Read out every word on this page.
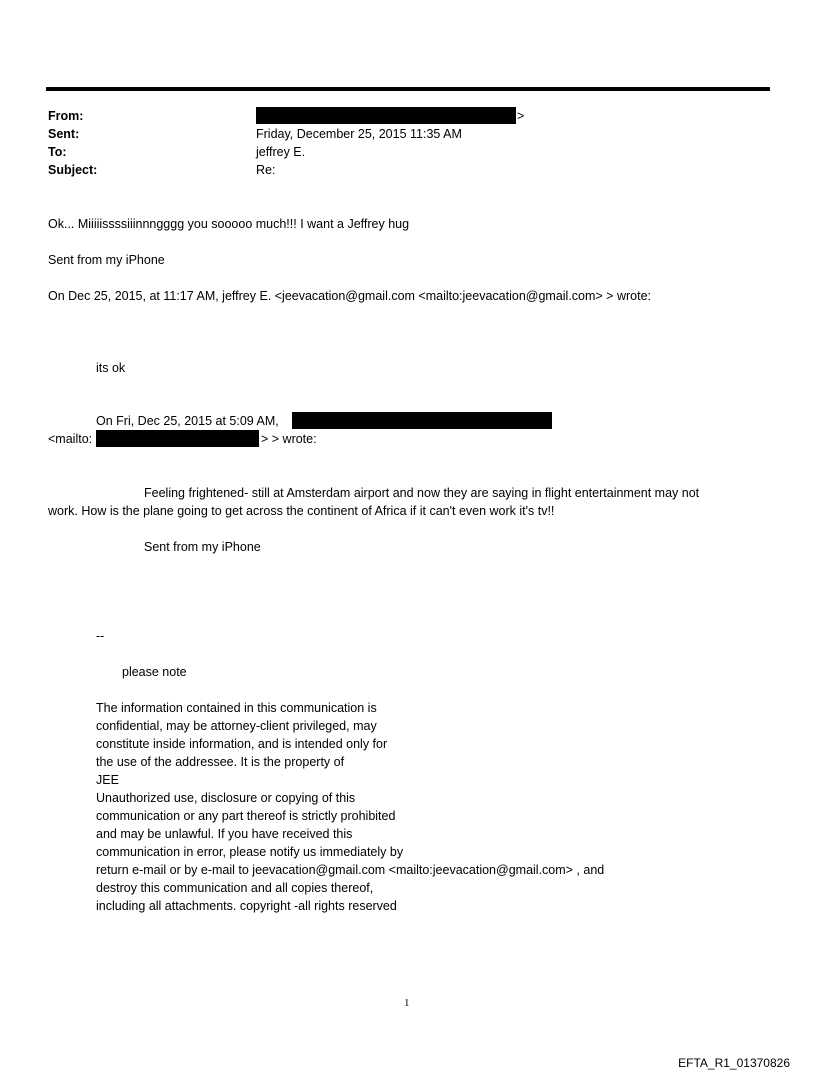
From:	>
Sent:	Friday, December 25, 2015 11:35 AM
To:	jeffrey E.
Subject:	Re:
Ok... Miiiiissssiiinnngggg you sooooo much!!! I want a Jeffrey hug
Sent from my iPhone
On Dec 25, 2015, at 11:17 AM, jeffrey E. <jeevacation@gmail.com <mailto:jeevacation@gmail.com> > wrote:
its ok
On Fri, Dec 25, 2015 at 5:09 AM,
<mailto:	> > wrote:
Feeling frightened- still at Amsterdam airport and now they are saying in flight entertainment may not
work. How is the plane going to get across the continent of Africa if it can't even work it's tv!!
Sent from my iPhone
--
please note
The information contained in this communication is
confidential, may be attorney-client privileged, may
constitute inside information, and is intended only for
the use of the addressee. It is the property of
JEE
Unauthorized use, disclosure or copying of this
communication or any part thereof is strictly prohibited
and may be unlawful. If you have received this
communication in error, please notify us immediately by
return e-mail or by e-mail to jeevacation@gmail.com <mailto:jeevacation@gmail.com> , and
destroy this communication and all copies thereof,
including all attachments. copyright -all rights reserved
1
EFTA_R1_01370826
